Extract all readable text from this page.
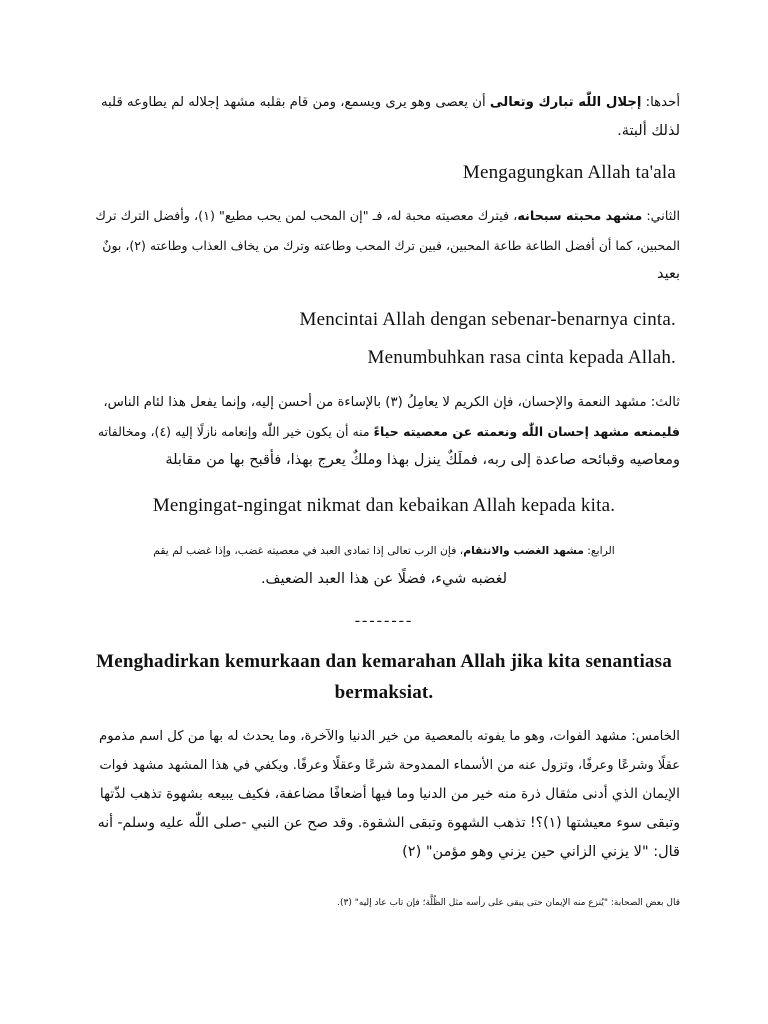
أحدها: إجلال اللّٰه تبارك وتعالى أن يعصى وهو يرى ويسمع، ومن قام بقلبه مشهد إجلاله لم يطاوعه قلبه
لذلك ألبتة.
Mengagungkan Allah ta'ala
الثاني: مشهد محبته سبحانه، فيترك معصيته محبة له، فـ "إن المحب لمن يحب مطيع" (١)، وأفضل الترك ترك
المحبين، كما أن أفضل الطاعة طاعة المحبين، فبين ترك المحب وطاعته وترك من يخاف العذاب وطاعته (٢)، بونٌ
بعيد
Mencintai Allah dengan sebenar-benarnya cinta.
Menumbuhkan rasa cinta kepada Allah.
ثالث: مشهد النعمة والإحسان، فإن الكريم لا يعامِلُ (٣) بالإساءة من أحسن إليه، وإنما يفعل هذا لئام الناس،
فليمنعه مشهد إحسان اللّٰه ونعمته عن معصيته حياءً منه أن يكون خير اللّٰه وإنعامه نازلًا إليه (٤)، ومخالفاته
ومعاصيه وقبائحه صاعدة إلى ربه، فملَكٌ ينزل بهذا وملكٌ يعرج بهذا، فأقبح بها من مقابلة
Mengingat-ngingat nikmat dan kebaikan Allah kepada kita.
الرابع: مشهد الغضب والانتقام، فإن الرب تعالى إذا تمادى العبد في معصيته غضب، وإذا غضب لم يقم
لغضبه شيء، فضلًا عن هذا العبد الضعيف.
--------
Menghadirkan kemurkaan dan kemarahan Allah jika kita senantiasa
bermaksiat.
الخامس: مشهد الفوات، وهو ما يفوته بالمعصية من خير الدنيا والآخرة، وما يحدث له بها من كل اسم مذموم
عقلًا وشرعًا وعرفًا، وتزول عنه من الأسماء الممدوحة شرعًا وعقلًا وعرفًا. ويكفي في هذا المشهد مشهد فوات
الإيمان الذي أدنى مثقال ذرة منه خير من الدنيا وما فيها أضعافًا مضاعفة، فكيف يبيعه بشهوة تذهب لذّتها
وتبقى سوء معيشتها (١)؟! تذهب الشهوة وتبقى الشقوة. وقد صح عن النبي -صلى اللّٰه عليه وسلم- أنه
قال: "لا يزني الزاني حين يزني وهو مؤمن" (٢)
قال بعض الصحابة: "يُنزع منه الإيمان حتى يبقى على رأسه مثل الظُلَّة؛ فإن تاب عاد إليه" (٣).
